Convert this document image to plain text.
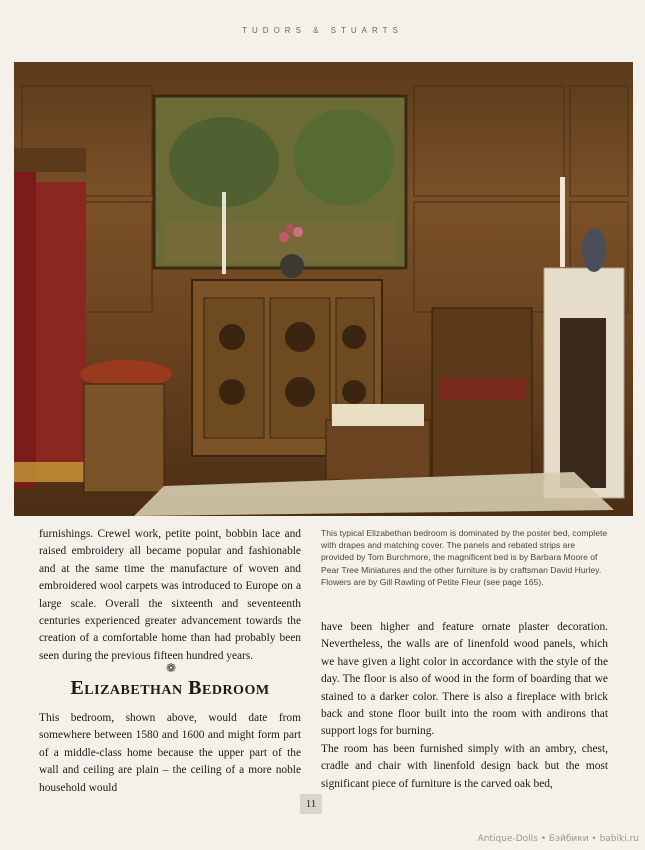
TUDORS & STUARTS

furnishings. Crewel work, petite point, bobbin lace and raised embroidery all became popular and fashionable and at the same time the manufacture of woven and embroidered wool carpets was introduced to Europe on a large scale. Overall the sixteenth and seventeenth centuries experienced greater advancement towards the creation of a comfortable home than had probably been seen during the previous fifteen hundred years.

❁
Elizabethan Bedroom

This bedroom, shown above, would date from somewhere between 1580 and 1600 and might form part of a middle-class home because the upper part of the wall and ceiling are plain – the ceiling of a more noble household would

This typical Elizabethan bedroom is dominated by the poster bed, complete with drapes and matching cover. The panels and rebated strips are provided by Tom Burchmore, the magnificent bed is by Barbara Moore of Pear Tree Miniatures and the other furniture is by craftsman David Hurley. Flowers are by Gill Rawling of Petite Fleur (see page 165).

have been higher and feature ornate plaster decoration. Nevertheless, the walls are of linenfold wood panels, which we have given a light color in accordance with the style of the day. The floor is also of wood in the form of boarding that we stained to a darker color. There is also a fireplace with brick back and stone floor built into the room with andirons that support logs for burning.
The room has been furnished simply with an ambry, chest, cradle and chair with linenfold design back but the most significant piece of furniture is the carved oak bed,

11
Antique-Dolls • Бэйбики • babiki.ru
